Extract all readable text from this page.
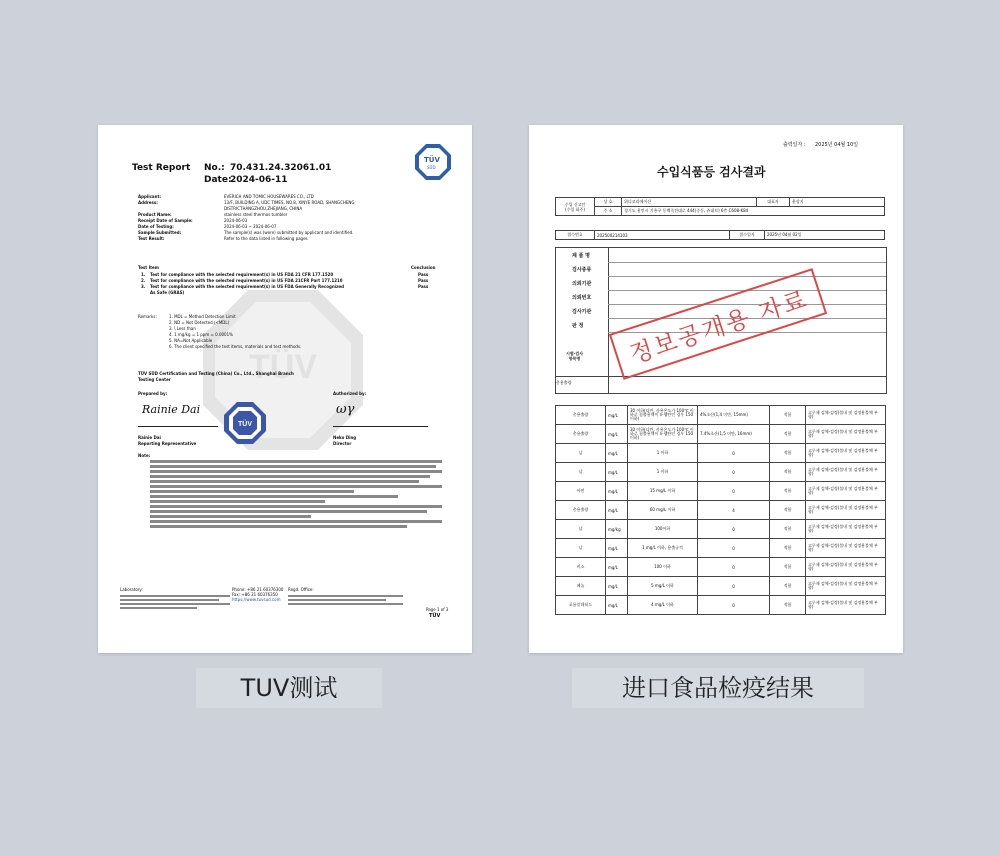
TÜV
Test Report No.: 70.431.24.32061.01
Date:
2024-06-11
TÜV
SÜD
Applicant:	EVERICH AND TOMIC HOUSEWARES CO., LTD
Address:	13/F, BUILDING A, UDC TIMES, NO.8, XINYE ROAD, SHANGCHENG
DISTRICTHANGZHOU,ZHEJIANG, CHINA
Product Name:	stainless steel thermos tumbler
Receipt Date of Sample:	2024-06-03
Date of Testing:	2024-06-03 ~ 2024-06-07
Sample Submitted:	The sample(s) was (were) submitted by applicant and identified.
Test Result:	Refer to the data listed in following pages
Test Item	Conclusion
1. Test for compliance with the selected requirement(s) in US FDA 21 CFR 177.1520	Pass
2. Test for compliance with the selected requirement(s) in US FDA 21CFR Part 177.1210	Pass
3. Test for compliance with the selected requirement(s) in US FDA Generally Recognized	Pass
As Safe (GRAS)
Remarks:	1. MDL = Method Detection Limit
2. ND = Not Detected (<MDL)
3. \ Less than
4. 1 mg/kg = 1 ppm = 0.0001%
5. NA=Not Applicable
6. The client specified the test items, materials and test methods.
TÜV SÜD Certification and Testing (China) Co., Ltd., Shanghai Branch
Testing Center
Prepared by:	Authorized by:
Rainie Dai	ωγ
TÜV
Rainie Dai
Reporting Representative
Neko Ding
Director
Note:
Laboratory:	Phone: +86 21 60376300
Fax: +86 21 60376350
https://www.tuvsud.com
Regd. Office:
Page 1 of 3
TÜV
출력일자 : 2025년 04월 10일
수입식품등 검사결과
수입 신고인
(수입 화주)	상 호	위디코리에이션	대표자	윤상지
	주 소	경기도 용인시 기흥구 동백죽전대로 444(중동, 쥬네브) 6층 C608-K84		
접수번호	202500214103	접수일자	2025년 04월 02일
제 품 명
검사종류
의뢰기관
의뢰번호
검사기관
판 정
시험·검사
항목명
총용출량
정보공개용 자료
총용출량	mg/L	30 이하(다만, 사용온도가 100℃ 이하로 침출용액이 n-헵탄인 경우 150 이하)	4%초산(1,4 미만, 15mm)	적합	고무제 검체-검정(불내 및 검정용불체 부향)
총용출량	mg/L	30 이하(다만, 사용온도가 100℃ 이하로 침출용액이 n-헵탄인 경우 150 이하)	7.4%초산(1,5 미만, 16mm)	적합	고무제 검체-검정(불내 및 검정용불체 부향)
납	mg/L	1 이하	0	적합	고무제 검체-검정(불내 및 검정용불체 부향)
납	mg/L	1 이하	0	적합	고무제 검체-검정(불내 및 검정용불체 부향)
아연	mg/L	15 mg/L 이하	0	적합	고무제 검체-검정(불내 및 검정용불체 부향)
총용출량	mg/L	60 mg/L 이하	4	적합	고무제 검체-검정(불내 및 검정용불체 부향)
납	mg/kg	100이하	0	적합	고무제 검체-검정(불내 및 검정용불체 부향)
납	mg/L	1 mg/L 이하, 용출규격	0	적합	고무제 검체-검정(불내 및 검정용불체 부향)
비소	mg/L	100 이하	0	적합	고무제 검체-검정(불내 및 검정용불체 부향)
페놀	mg/L	5 mg/L 이하	0	적합	고무제 검체-검정(불내 및 검정용불체 부향)
포름알데히드	mg/L	4 mg/L 이하	0	적합	고무제 검체-검정(불내 및 검정용불체 부향)
TUV测试	进口食品检疫结果
